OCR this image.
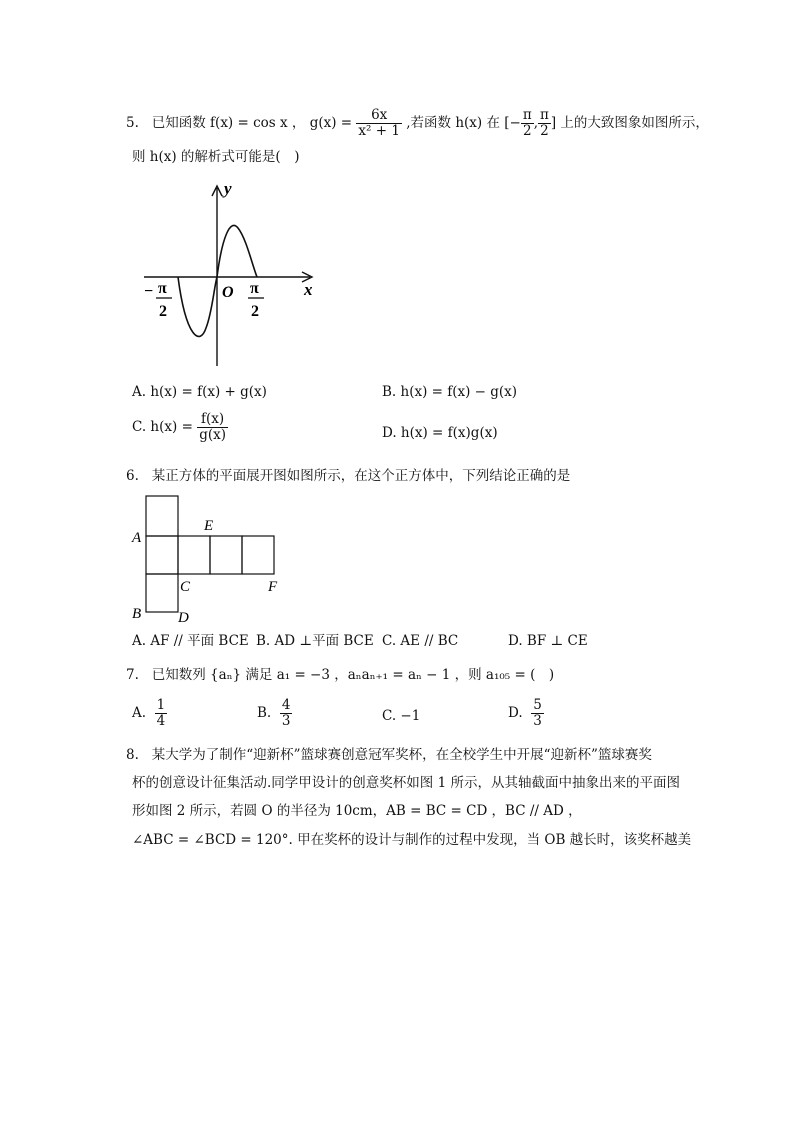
5. 已知函数 f(x) = cos x ， $g(x) = \frac{6x}{\text{x² + 1}}$ ,若函数 h(x) 在 [− $\frac{\pi}{2}$ , $\frac{\pi}{2}$ ] 上的大致图象如图所示，
则 h(x) 的解析式可能是(　)
y
x
O
− π
2
π
2
A. h(x) = f(x) + g(x)	B. h(x) = f(x) − g(x)
C. $h(x) = \frac{f(x)}{g(x)}$	D. h(x) = f(x)g(x)
6. 某正方体的平面展开图如图所示，在这个正方体中，下列结论正确的是
A
E
C	F
B D
A. AF // 平面 BCE B. AD ⊥平面 BCE C. AE // BC	D. BF ⊥ CE
7. 已知数列 {aₙ} 满足 a₁ = −3 ，aₙaₙ₊₁ = aₙ − 1 ，则 a₁₀₅ = (　)
A. $\frac{1}{4}$	B. $\frac{4}{3}$	C. −1	D. $\frac{5}{3}$
8. 某大学为了制作“迎新杯”篮球赛创意冠军奖杯，在全校学生中开展“迎新杯”篮球赛奖
杯的创意设计征集活动.同学甲设计的创意奖杯如图 1 所示，从其轴截面中抽象出来的平面图
形如图 2 所示，若圆 O 的半径为 10cm，AB = BC = CD ，BC // AD ，
∠ABC = ∠BCD = 120°. 甲在奖杯的设计与制作的过程中发现，当 OB 越长时，该奖杯越美
